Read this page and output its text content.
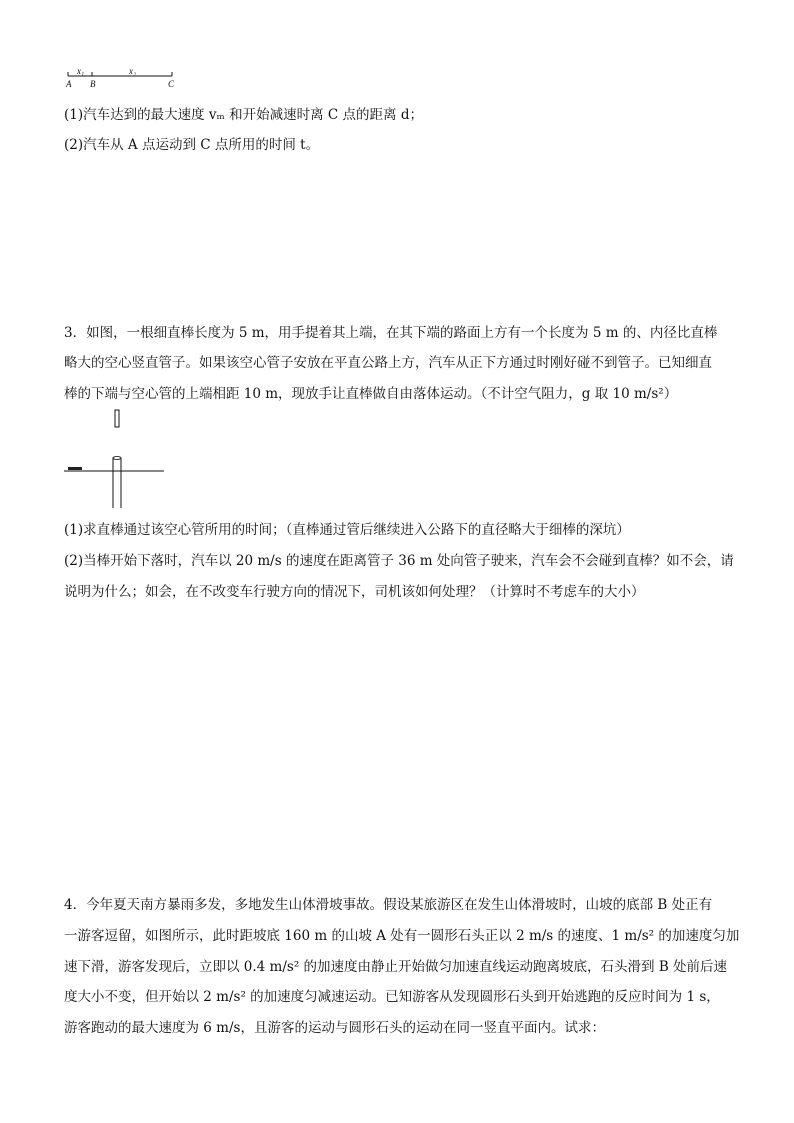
x₁	x₂
A B	C
(1)汽车达到的最大速度 vₘ 和开始减速时离 C 点的距离 d；
(2)汽车从 A 点运动到 C 点所用的时间 t。
3．如图，一根细直棒长度为 5 m，用手提着其上端，在其下端的路面上方有一个长度为 5 m 的、内径比直棒
略大的空心竖直管子。如果该空心管子安放在平直公路上方，汽车从正下方通过时刚好碰不到管子。已知细直
棒的下端与空心管的上端相距 10 m，现放手让直棒做自由落体运动。（不计空气阻力，g 取 10 m/s²）
(1)求直棒通过该空心管所用的时间；（直棒通过管后继续进入公路下的直径略大于细棒的深坑）
(2)当棒开始下落时，汽车以 20 m/s 的速度在距离管子 36 m 处向管子驶来，汽车会不会碰到直棒？如不会，请
说明为什么；如会，在不改变车行驶方向的情况下，司机该如何处理？（计算时不考虑车的大小）
4．今年夏天南方暴雨多发，多地发生山体滑坡事故。假设某旅游区在发生山体滑坡时，山坡的底部 B 处正有
一游客逗留，如图所示，此时距坡底 160 m 的山坡 A 处有一圆形石头正以 2 m/s 的速度、1 m/s² 的加速度匀加
速下滑，游客发现后，立即以 0.4 m/s² 的加速度由静止开始做匀加速直线运动跑离坡底，石头滑到 B 处前后速
度大小不变，但开始以 2 m/s² 的加速度匀减速运动。已知游客从发现圆形石头到开始逃跑的反应时间为 1 s，
游客跑动的最大速度为 6 m/s，且游客的运动与圆形石头的运动在同一竖直平面内。试求：
